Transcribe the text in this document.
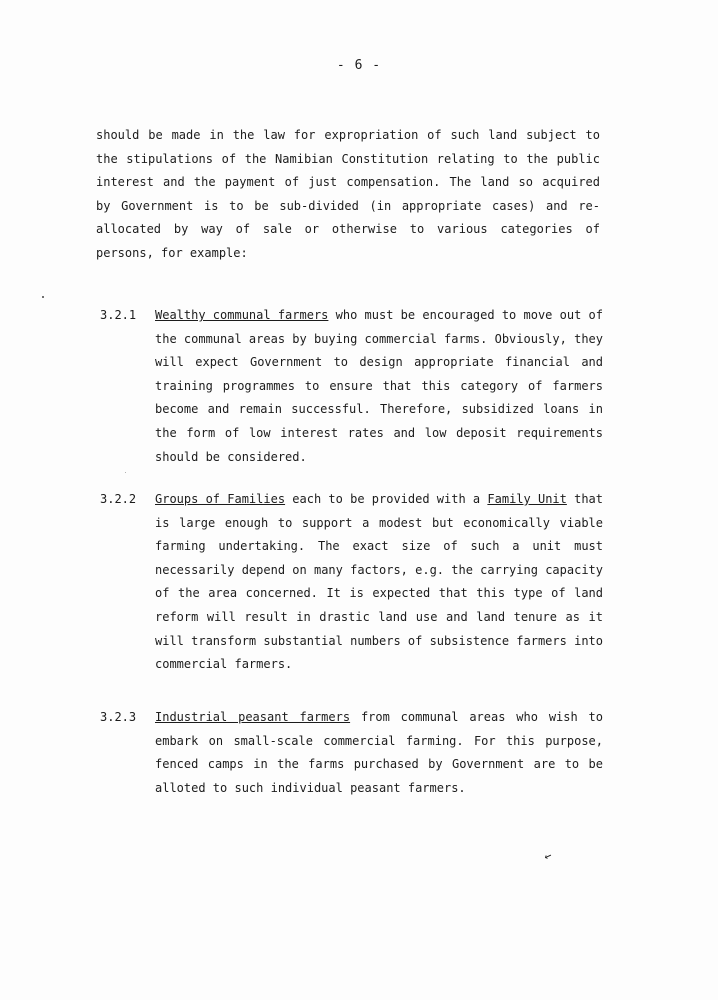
- 6 -
should be made in the law for expropriation of such land subject to the stipulations of the Namibian Constitution relating to the public interest and the payment of just compensation. The land so acquired by Government is to be sub-divided (in appropriate cases) and re-allocated by way of sale or otherwise to various categories of persons, for example:
3.2.1	Wealthy communal farmers who must be encouraged to move out of the communal areas by buying commercial farms. Obviously, they will expect Government to design appropriate financial and training programmes to ensure that this category of farmers become and remain successful. Therefore, subsidized loans in the form of low interest rates and low deposit requirements should be considered.
3.2.2	Groups of Families each to be provided with a Family Unit that is large enough to support a modest but economically viable farming undertaking. The exact size of such a unit must necessarily depend on many factors, e.g. the carrying capacity of the area concerned. It is expected that this type of land reform will result in drastic land use and land tenure as it will transform substantial numbers of subsistence farmers into commercial farmers.
3.2.3	Industrial peasant farmers from communal areas who wish to embark on small-scale commercial farming. For this purpose, fenced camps in the farms purchased by Government are to be alloted to such individual peasant farmers.
↙
